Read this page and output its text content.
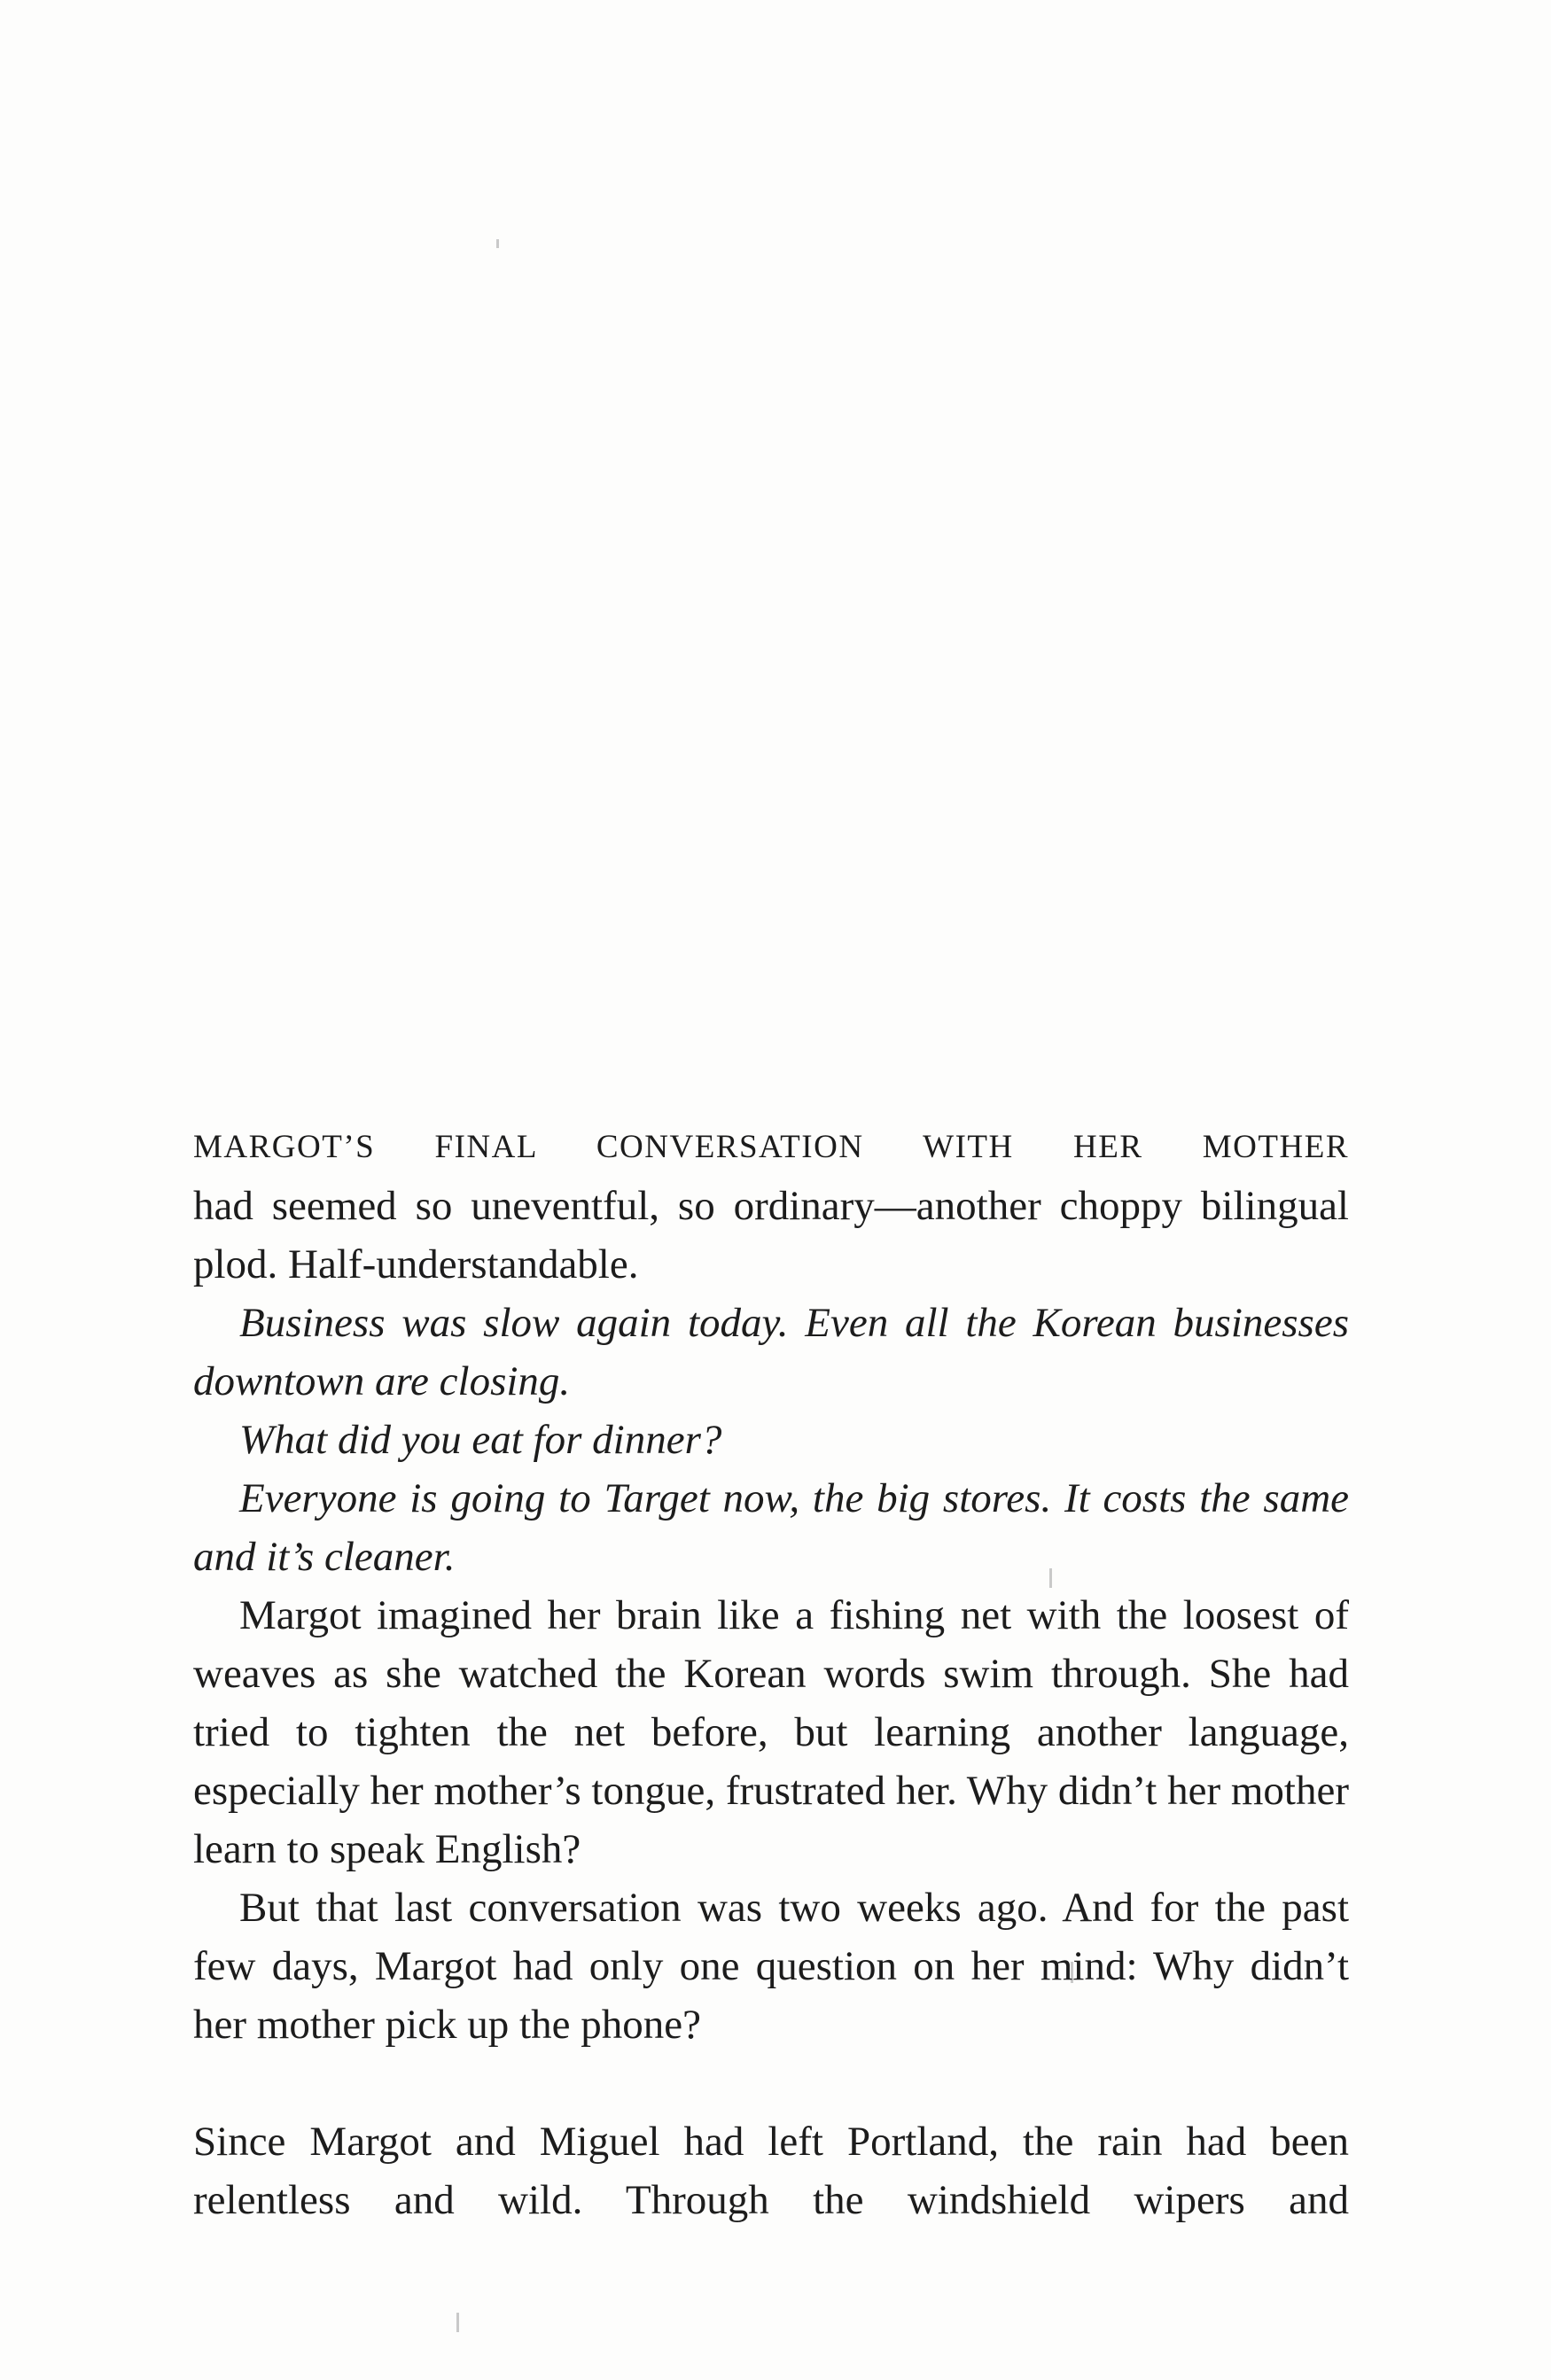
MARGOT’S FINAL CONVERSATION WITH HER MOTHER
had seemed so uneventful, so ordinary—another choppy bilingual plod. Half-understandable.

Business was slow again today. Even all the Korean businesses downtown are closing.

What did you eat for dinner?

Everyone is going to Target now, the big stores. It costs the same and it’s cleaner.

Margot imagined her brain like a fishing net with the loosest of weaves as she watched the Korean words swim through. She had tried to tighten the net before, but learning another language, especially her mother’s tongue, frustrated her. Why didn’t her mother learn to speak English?

But that last conversation was two weeks ago. And for the past few days, Margot had only one question on her mind: Why didn’t her mother pick up the phone?

Since Margot and Miguel had left Portland, the rain had been relentless and wild. Through the windshield wipers and
